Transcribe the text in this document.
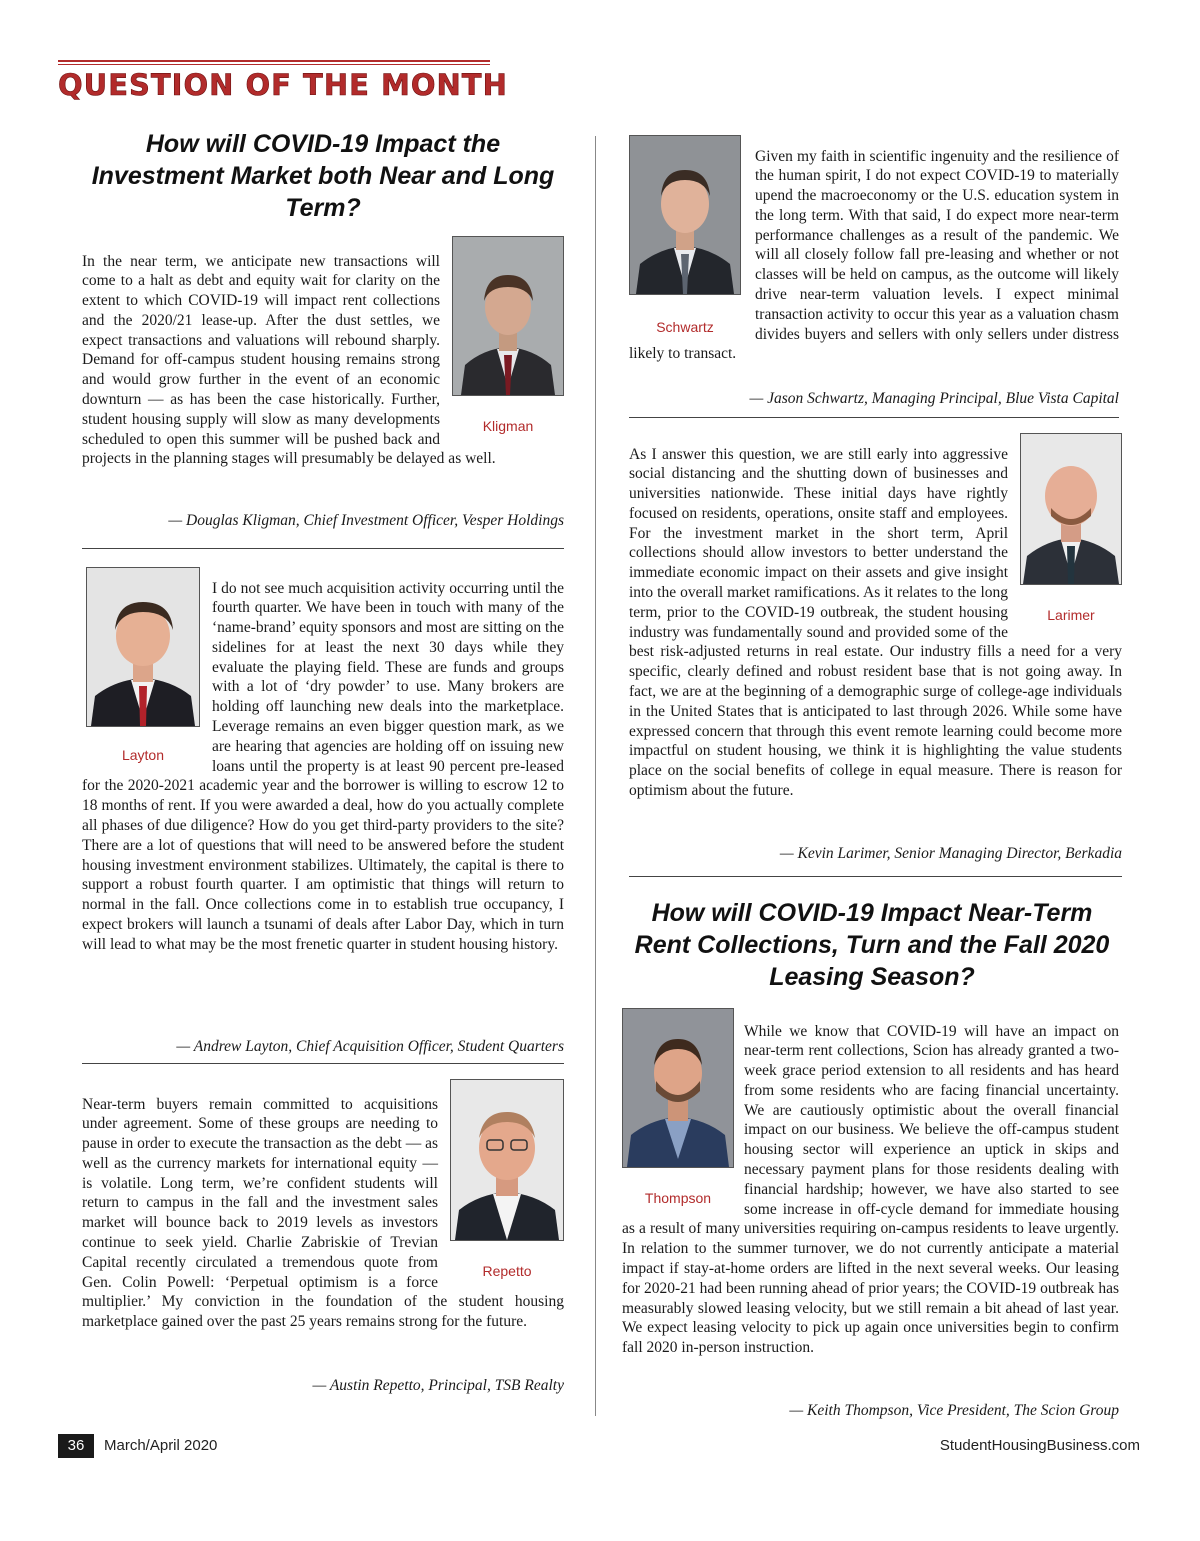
QUESTION OF THE MONTH
How will COVID-19 Impact the Investment Market both Near and Long Term?
Kligman

In the near term, we anticipate new transactions will come to a halt as debt and equity wait for clarity on the extent to which COVID-19 will impact rent collections and the 2020/21 lease-up. After the dust settles, we expect transactions and valuations will rebound sharply. Demand for off-campus student housing remains strong and would grow further in the event of an economic downturn — as has been the case historically. Further, student housing supply will slow as many developments scheduled to open this summer will be pushed back and projects in the planning stages will presumably be delayed as well.

— Douglas Kligman, Chief Investment Officer, Vesper Holdings
Layton

I do not see much acquisition activity occurring until the fourth quarter. We have been in touch with many of the ‘name-brand’ equity sponsors and most are sitting on the sidelines for at least the next 30 days while they evaluate the playing field. These are funds and groups with a lot of ‘dry powder’ to use. Many brokers are holding off launching new deals into the marketplace. Leverage remains an even bigger question mark, as we are hearing that agencies are holding off on issuing new loans until the property is at least 90 percent pre-leased for the 2020-2021 academic year and the borrower is willing to escrow 12 to 18 months of rent. If you were awarded a deal, how do you actually complete all phases of due diligence? How do you get third-party providers to the site? There are a lot of questions that will need to be answered before the student housing investment environment stabilizes. Ultimately, the capital is there to support a robust fourth quarter. I am optimistic that things will return to normal in the fall. Once collections come in to establish true occupancy, I expect brokers will launch a tsunami of deals after Labor Day, which in turn will lead to what may be the most frenetic quarter in student housing history.

— Andrew Layton, Chief Acquisition Officer, Student Quarters
Repetto

Near-term buyers remain committed to acquisitions under agreement. Some of these groups are needing to pause in order to execute the transaction as the debt — as well as the currency markets for international equity — is volatile. Long term, we’re confident students will return to campus in the fall and the investment sales market will bounce back to 2019 levels as investors continue to seek yield. Charlie Zabriskie of Trevian Capital recently circulated a tremendous quote from Gen. Colin Powell: ‘Perpetual optimism is a force multiplier.’ My conviction in the foundation of the student housing marketplace gained over the past 25 years remains strong for the future.

— Austin Repetto, Principal, TSB Realty
Schwartz

Given my faith in scientific ingenuity and the resilience of the human spirit, I do not expect COVID-19 to materially upend the macroeconomy or the U.S. education system in the long term. With that said, I do expect more near-term performance challenges as a result of the pandemic. We will all closely follow fall pre-leasing and whether or not classes will be held on campus, as the outcome will likely drive near-term valuation levels. I expect minimal transaction activity to occur this year as a valuation chasm divides buyers and sellers with only sellers under distress likely to transact.

— Jason Schwartz, Managing Principal, Blue Vista Capital
Larimer

As I answer this question, we are still early into aggressive social distancing and the shutting down of businesses and universities nationwide. These initial days have rightly focused on residents, operations, onsite staff and employees. For the investment market in the short term, April collections should allow investors to better understand the immediate economic impact on their assets and give insight into the overall market ramifications. As it relates to the long term, prior to the COVID-19 outbreak, the student housing industry was fundamentally sound and provided some of the best risk-adjusted returns in real estate. Our industry fills a need for a very specific, clearly defined and robust resident base that is not going away. In fact, we are at the beginning of a demographic surge of college-age individuals in the United States that is anticipated to last through 2026. While some have expressed concern that through this event remote learning could become more impactful on student housing, we think it is highlighting the value students place on the social benefits of college in equal measure. There is reason for optimism about the future.

— Kevin Larimer, Senior Managing Director, Berkadia
How will COVID-19 Impact Near-Term Rent Collections, Turn and the Fall 2020 Leasing Season?
Thompson

While we know that COVID-19 will have an impact on near-term rent collections, Scion has already granted a two-week grace period extension to all residents and has heard from some residents who are facing financial uncertainty. We are cautiously optimistic about the overall financial impact on our business. We believe the off-campus student housing sector will experience an uptick in skips and necessary payment plans for those residents dealing with financial hardship; however, we have also started to see some increase in off-cycle demand for immediate housing as a result of many universities requiring on-campus residents to leave urgently. In relation to the summer turnover, we do not currently anticipate a material impact if stay-at-home orders are lifted in the next several weeks. Our leasing for 2020-21 had been running ahead of prior years; the COVID-19 outbreak has measurably slowed leasing velocity, but we still remain a bit ahead of last year. We expect leasing velocity to pick up again once universities begin to confirm fall 2020 in-person instruction.

— Keith Thompson, Vice President, The Scion Group
36	March/April 2020	StudentHousingBusiness.com
